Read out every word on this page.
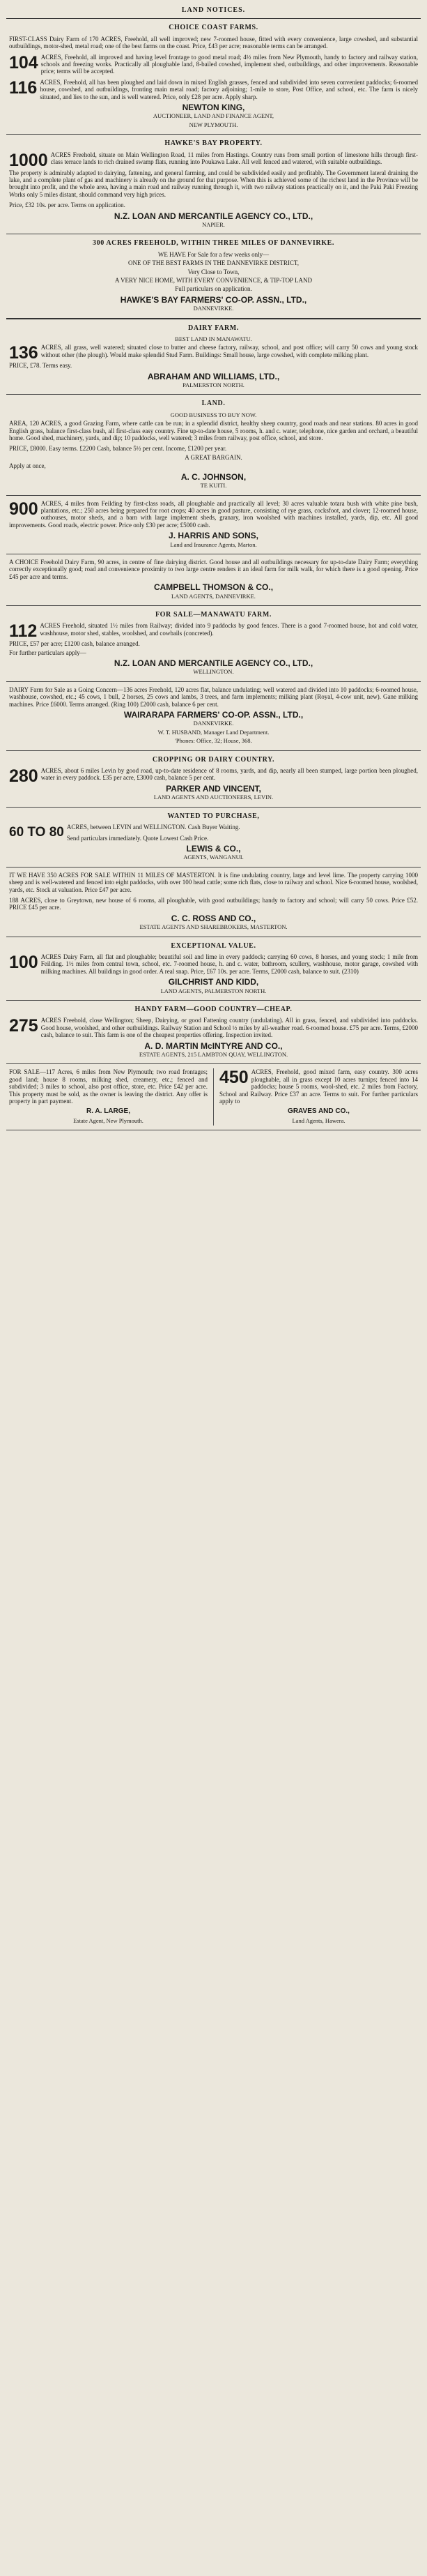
LAND NOTICES.
CHOICE COAST FARMS.

FIRST-CLASS Dairy Farm of 170 ACRES, Freehold, all well improved; new 7-roomed house, fitted with every convenience, large cowshed, and substantial outbuildings, motor-shed, metal road; one of the best farms on the coast. Price, £43 per acre; reasonable terms can be arranged.

104 ACRES, Freehold, all improved and having level frontage to good metal road; 4½ miles from New Plymouth, handy to factory and railway station, schools and freezing works. Practically all ploughable land, 8-bailed cowshed, implement shed, outbuildings, and other improvements. Reasonable price; terms will be accepted.

116 ACRES, Freehold, all has been ploughed and laid down in mixed English grasses, fenced and subdivided into seven convenient paddocks; 6-roomed house, cowshed, and outbuildings, fronting main metal road; factory adjoining; 1-mile to store, Post Office, and school, etc. The farm is nicely situated, and lies to the sun, and is well watered. Price, only £28 per acre. Apply sharp.

NEWTON KING,
AUCTIONEER, LAND AND FINANCE AGENT,
NEW PLYMOUTH.
HAWKE'S BAY PROPERTY.

1000 ACRES Freehold, situate on Main Wellington Road, 11 miles from Hastings. Country runs from small portion of limestone hills through first-class terrace lands to rich drained swamp flats, running into Poukawa Lake. All well fenced and watered, with suitable outbuildings.

The property is admirably adapted to dairying, fattening, and general farming, and could be subdivided easily and profitably. The Government lateral draining the lake, and a complete plant of gas and machinery is already on the ground for that purpose. When this is achieved some of the richest land in the Province will be brought into profit, and the whole area, having a main road and railway running through it, with two railway stations practically on it, and the Paki Paki Freezing Works only 5 miles distant, should command very high prices.

Price, £32 10s. per acre. Terms on application.
N.Z. LOAN AND MERCANTILE AGENCY CO., LTD.,
NAPIER.
300 ACRES FREEHOLD, WITHIN THREE MILES OF DANNEVIRKE.
WE HAVE For Sale for a few weeks only—
ONE OF THE BEST FARMS IN THE DANNEVIRKE DISTRICT,
Very Close to Town,
A VERY NICE HOME, WITH EVERY CONVENIENCE, & TIP-TOP LAND
Full particulars on application.
HAWKE'S BAY FARMERS' CO-OP. ASSN., LTD.,
DANNEVIRKE.
DAIRY FARM.
BEST LAND IN MANAWATU.

136 ACRES, all grass, well watered; situated close to butter and cheese factory, railway, school, and post office; will carry 50 cows and young stock without other (the plough). Would make splendid Stud Farm. Buildings: Small house, large cowshed, with complete milking plant.

PRICE, £78. Terms easy.
ABRAHAM AND WILLIAMS, LTD.,
PALMERSTON NORTH.
LAND.
GOOD BUSINESS TO BUY NOW.

AREA, 120 ACRES, a good Grazing Farm, where cattle can be run; in a splendid district, healthy sheep country, good roads and near stations. 80 acres in good English grass, balance first-class bush, all first-class easy country. Fine up-to-date house, 5 rooms, h. and c. water, telephone, nice garden and orchard, a beautiful home. Good shed, machinery, yards, and dip; 10 paddocks, well watered; 3 miles from railway, post office, school, and store.

PRICE, £8000. Easy terms. £2200 Cash, balance 5½ per cent. Income, £1200 per year.
A GREAT BARGAIN.
Apply at once,
A. C. JOHNSON,
TE KUITI.

900 ACRES, 4 miles from Feilding by first-class roads, all ploughable and practically all level; 30 acres valuable totara bush with white pine bush, plantations, etc.; 250 acres being prepared for root crops; 40 acres in good pasture, consisting of rye grass, cocksfoot, and clover; 12-roomed house, outhouses, motor sheds, and a barn with large implement sheds, granary, iron woolshed with machines installed, yards, dip, etc. All good improvements. Good roads, electric power. Price only £30 per acre; £5000 cash.

J. HARRIS AND SONS,
Land and Insurance Agents, Marton.

A CHOICE Freehold Dairy Farm, 90 acres, in centre of fine dairying district. Good house and all outbuildings necessary for up-to-date Dairy Farm; everything correctly exceptionally good; road and convenience proximity to two large centre renders it an ideal farm for milk walk, for which there is a good opening. Price £45 per acre and terms.

CAMPBELL THOMSON & CO.,
LAND AGENTS, DANNEVIRKE.
FOR SALE—MANAWATU FARM.

112 ACRES Freehold, situated 1½ miles from Railway; divided into 9 paddocks by good fences. There is a good 7-roomed house, hot and cold water, washhouse, motor shed, stables, woolshed, and cowbails (concreted).

PRICE, £57 per acre; £1200 cash, balance arranged.
For further particulars apply—
N.Z. LOAN AND MERCANTILE AGENCY CO., LTD.,
WELLINGTON.

DAIRY Farm for Sale as a Going Concern—136 acres Freehold, 120 acres flat, balance undulating; well watered and divided into 10 paddocks; 6-roomed house, washhouse, cowshed, etc.; 45 cows, 1 bull, 2 horses, 25 cows and lambs, 3 trees, and farm implements; milking plant (Royal, 4-cow unit, new). Gane milking machines. Price £6000. Terms arranged. (Ring 100) £2000 cash, balance 6 per cent.

WAIRARAPA FARMERS' CO-OP. ASSN., LTD.,
DANNEVIRKE.
W. T. HUSBAND, Manager Land Department.
'Phones: Office, 32; House, 368.
CROPPING OR DAIRY COUNTRY.

280 ACRES, about 6 miles Levin by good road, up-to-date residence of 8 rooms, yards, and dip, nearly all been stumped, large portion been ploughed, water in every paddock. £35 per acre, £3000 cash, balance 5 per cent.

PARKER AND VINCENT,
LAND AGENTS AND AUCTIONEERS, LEVIN.
WANTED TO PURCHASE,

60 TO 80 ACRES, between LEVIN and WELLINGTON. Cash Buyer Waiting.

Send particulars immediately. Quote Lowest Cash Price.
LEWIS & CO.,
AGENTS, WANGANUI.

IT WE HAVE 350 ACRES FOR SALE WITHIN 11 MILES OF MASTERTON. It is fine undulating country, large and level lime. The property carrying 1000 sheep and is well-watered and fenced into eight paddocks, with over 100 head cattle; some rich flats, close to railway and school. Nice 6-roomed house, woolshed, yards, etc. Stock at valuation. Price £47 per acre.

188 ACRES, close to Greytown, new house of 6 rooms, all ploughable, with good outbuildings; handy to factory and school; will carry 50 cows. Price £52. PRICE £45 per acre.

C. C. ROSS AND CO.,
ESTATE AGENTS AND SHAREBROKERS, MASTERTON.
EXCEPTIONAL VALUE.

100 ACRES Dairy Farm, all flat and ploughable; beautiful soil and lime in every paddock; carrying 60 cows, 8 horses, and young stock; 1 mile from Feilding. 1½ miles from central town, school, etc. 7-roomed house, h. and c. water, bathroom, scullery, washhouse, motor garage, cowshed with milking machines. All buildings in good order. A real snap. Price, £67 10s. per acre. Terms, £2000 cash, balance to suit. (2310)

GILCHRIST AND KIDD,
LAND AGENTS, PALMERSTON NORTH.
HANDY FARM—GOOD COUNTRY—CHEAP.

275 ACRES Freehold, close Wellington; Sheep, Dairying, or good Fattening country (undulating). All in grass, fenced, and subdivided into paddocks. Good house, woolshed, and other outbuildings. Railway Station and School ½ miles by all-weather road. 6-roomed house. £75 per acre. Terms, £2000 cash, balance to suit. This farm is one of the cheapest properties offering. Inspection invited.

A. D. MARTIN McINTYRE AND CO.,
ESTATE AGENTS, 215 LAMBTON QUAY, WELLINGTON.

FOR SALE—117 Acres, 6 miles from New Plymouth; two road frontages; good land; house 8 rooms, milking shed, creamery, etc.; fenced and subdivided; 3 miles to school, also post office, store, etc. Price £42 per acre. This property must be sold, as the owner is leaving the district. Any offer is property in part payment.

R. A. LARGE,
Estate Agent, New Plymouth.

450 ACRES, Freehold, good mixed farm, easy country. 300 acres ploughable, all in grass except 10 acres turnips; fenced into 14 paddocks; house 5 rooms, wool-shed, etc. 2 miles from Factory, School and Railway. Price £37 an acre. Terms to suit. For further particulars apply to

GRAVES AND CO.,
Land Agents, Hawera.
